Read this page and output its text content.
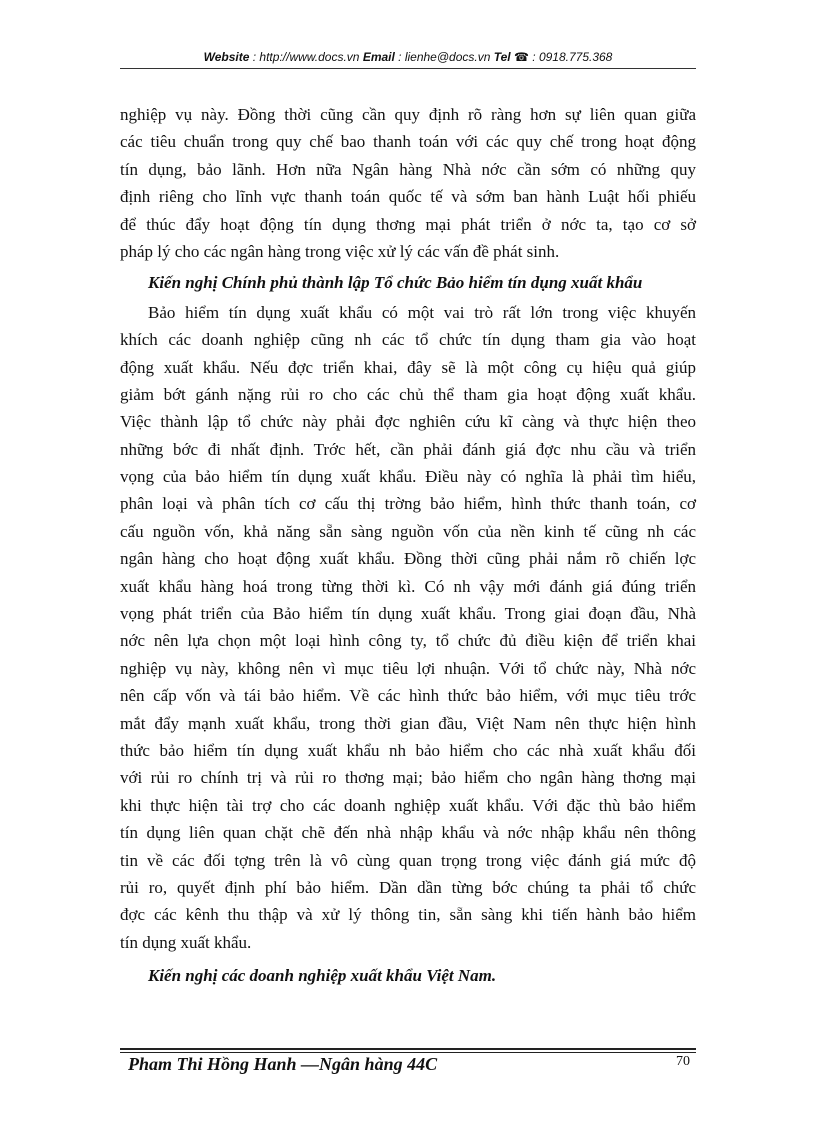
Website : http://www.docs.vn Email : lienhe@docs.vn Tel ☎ : 0918.775.368
nghiệp vụ này. Đồng thời cũng cần quy định rõ ràng hơn sự liên quan giữa
các tiêu chuẩn trong quy chế bao thanh toán với các quy chế trong hoạt động
tín dụng, bảo lãnh. Hơn nữa Ngân hàng Nhà nớc cần sớm có những quy
định riêng cho lĩnh vực thanh toán quốc tế và sớm ban hành Luật hối phiếu
để thúc đẩy hoạt động tín dụng thơng mại phát triển ở nớc ta, tạo cơ sở
pháp lý cho các ngân hàng trong việc xử lý các vấn đề phát sinh.
Kiến nghị Chính phủ thành lập Tổ chức Bảo hiểm tín dụng xuất khẩu
Bảo hiểm tín dụng xuất khẩu có một vai trò rất lớn trong việc khuyến
khích các doanh nghiệp cũng nh các tổ chức tín dụng tham gia vào hoạt
động xuất khẩu. Nếu đợc triển khai, đây sẽ là một công cụ hiệu quả giúp
giảm bớt gánh nặng rủi ro cho các chủ thể tham gia hoạt động xuất khẩu.
Việc thành lập tổ chức này phải đợc nghiên cứu kĩ càng và thực hiện theo
những bớc đi nhất định. Trớc hết, cần phải đánh giá đợc nhu cầu và triển
vọng của bảo hiểm tín dụng xuất khẩu. Điều này có nghĩa là phải tìm hiểu,
phân loại và phân tích cơ cấu thị trờng bảo hiểm, hình thức thanh toán, cơ
cấu nguồn vốn, khả năng sẵn sàng nguồn vốn của nền kinh tế cũng nh các
ngân hàng cho hoạt động xuất khẩu. Đồng thời cũng phải nắm rõ chiến lợc
xuất khẩu hàng hoá trong từng thời kì. Có nh vậy mới đánh giá đúng triển
vọng phát triển của Bảo hiểm tín dụng xuất khẩu. Trong giai đoạn đầu, Nhà
nớc nên lựa chọn một loại hình công ty, tổ chức đủ điều kiện để triển khai
nghiệp vụ này, không nên vì mục tiêu lợi nhuận. Với tổ chức này, Nhà nớc
nên cấp vốn và tái bảo hiểm. Về các hình thức bảo hiểm, với mục tiêu trớc
mắt đẩy mạnh xuất khẩu, trong thời gian đầu, Việt Nam nên thực hiện hình
thức bảo hiểm tín dụng xuất khẩu nh bảo hiểm cho các nhà xuất khẩu đối
với rủi ro chính trị và rủi ro thơng mại; bảo hiểm cho ngân hàng thơng mại
khi thực hiện tài trợ cho các doanh nghiệp xuất khẩu. Với đặc thù bảo hiểm
tín dụng liên quan chặt chẽ đến nhà nhập khẩu và nớc nhập khẩu nên thông
tin về các đối tợng trên là vô cùng quan trọng trong việc đánh giá mức độ
rủi ro, quyết định phí bảo hiểm. Dần dần từng bớc chúng ta phải tổ chức
đợc các kênh thu thập và xử lý thông tin, sẵn sàng khi tiến hành bảo hiểm
tín dụng xuất khẩu.
Kiến nghị các doanh nghiệp xuất khẩu Việt Nam.
Pham Thi Hồng Hanh —Ngân hàng 44C	70
